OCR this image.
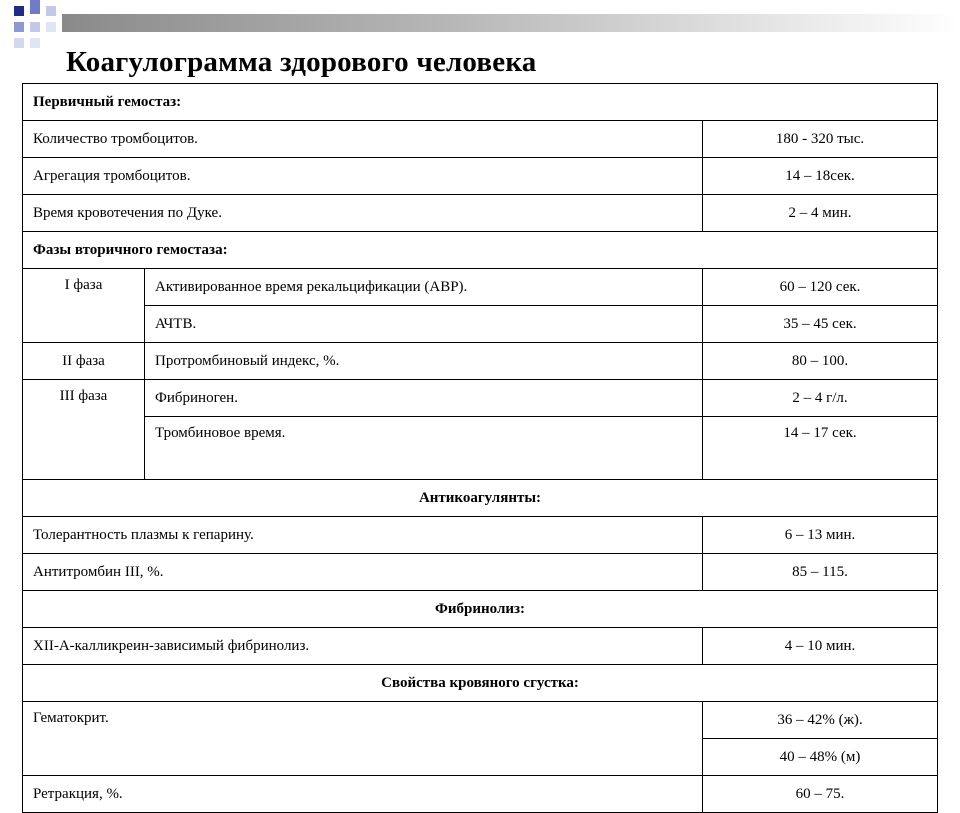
Коагулограмма здорового человека
Первичный гемостаз:		
Количество тромбоцитов.		180 - 320 тыс.
Агрегация тромбоцитов.		14 – 18сек.
Время кровотечения по Дуке.		2 – 4 мин.
Фазы вторичного гемостаза:		
I фаза	Активированное время рекальцификации (АВР).	60 – 120 сек.
	АЧТВ.	35 – 45 сек.
II фаза	Протромбиновый индекс, %.	80 – 100.
III фаза	Фибриноген.	2 – 4 г/л.
	Тромбиновое время.	14 – 17 сек.
Антикоагулянты:		
Толерантность плазмы к гепарину.		6 – 13 мин.
Антитромбин III, %.		85 – 115.
Фибринолиз:		
XII-А-калликреин-зависимый фибринолиз.		4 – 10 мин.
Свойства кровяного сгустка:		
Гематокрит.		36 – 42% (ж).
		40 – 48% (м)
Ретракция, %.		60 – 75.
